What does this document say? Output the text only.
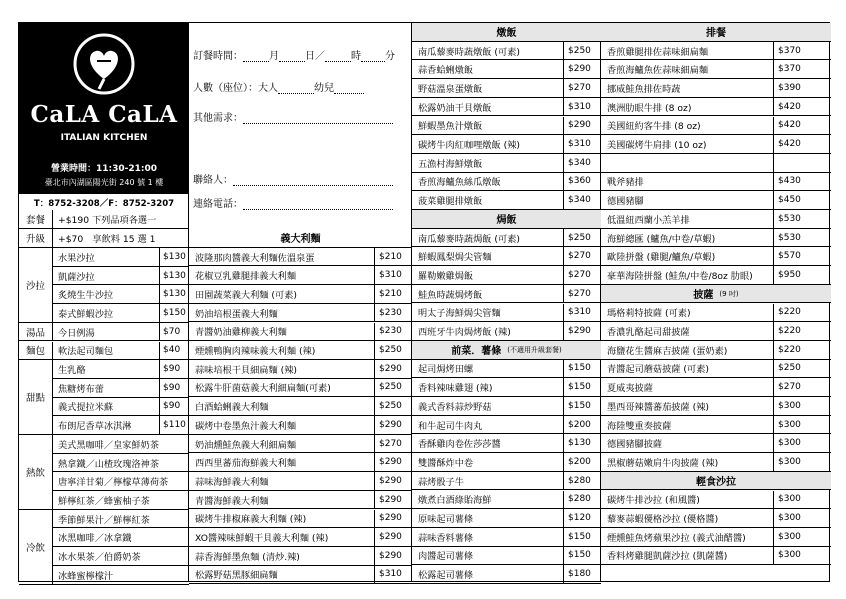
CaLA CaLA
ITALIAN KITCHEN
營業時間：11:30-21:00
臺北市內湖區陽光街 240 號 1 樓
T：8752-3208／F：8752-3207
訂餐時間：	月	日／	時 分
人數（座位）：大人	幼兒
其他需求：
聯絡人：
連絡電話：
套餐	+$190 下列品項各選一
升級	+$70　享飲料 15 選 1
沙拉
水果沙拉	$130
凱薩沙拉	$130
炙燒生牛沙拉	$130
泰式鮮蝦沙拉	$150
湯品	今日例湯	$70
麵包	軟法起司麵包	$40
甜點
生乳酪	$90
焦糖烤布蕾	$90
義式提拉米蘇	$90
布朗尼香草冰淇淋	$110
熱飲
美式黑咖啡／皇家鮮奶茶
熱拿鐵／山楂玫瑰洛神茶
唐寧洋甘菊／檸檬草薄荷茶
鮮檸紅茶／蜂蜜柚子茶
冷飲
季節鮮果汁／鮮檸紅茶
冰黑咖啡／冰拿鐵
冰水果茶／伯爵奶茶
冰蜂蜜檸檬汁
義大利麵
波隆那肉醬義大利麵佐溫泉蛋	$210
花椒豆乳雞腿排義大利麵	$310
田園蔬菜義大利麵 (可素)	$210
奶油培根蛋義大利麵	$230
青醬奶油雞柳義大利麵	$230
煙燻鴨胸肉辣味義大利麵 (辣)	$250
蒜味培根干貝細扁麵 (辣)	$290
松露牛肝菌菇義大利細扁麵(可素)	$250
白酒蛤蜊義大利麵	$250
碳烤中卷墨魚汁義大利麵	$290
奶油燻鮭魚義大利細扁麵	$270
西西里蕃茄海鮮義大利麵	$290
蒜味海鮮義大利麵	$290
青醬海鮮義大利麵	$290
碳烤牛排椒麻義大利麵 (辣)	$290
XO醬辣味鮮蝦干貝義大利麵 (辣)	$290
蒜香海鮮墨魚麵 (清炒.辣)	$290
松露野菇黑豚細扁麵	$310
燉飯
南瓜藜麥時蔬燉飯 (可素)	$250
蒜香蛤蜊燉飯	$290
野菇溫泉蛋燉飯	$270
松露奶油干貝燉飯	$310
鮮蝦墨魚汁燉飯	$290
碳烤牛肉紅咖哩燉飯 (辣)	$310
五漁村海鮮燉飯	$340
香煎海鱸魚絲瓜燉飯	$360
菠菜雞腿排燉飯	$340
焗飯
南瓜藜麥時蔬焗飯 (可素)	$250
鮮蝦鳳梨焗尖管麵	$270
羅勒嫩雞焗飯	$270
鮭魚時蔬焗烤飯	$270
明太子海鮮焗尖管麵	$310
西班牙牛肉焗烤飯 (辣)	$290
前菜．薯條 (不適用升級套餐)
起司焗烤田螺	$150
香料辣味雞翅 (辣)	$150
義式香料蒜炒野菇	$150
和牛起司牛肉丸	$200
香酥雞肉卷佐莎莎醬	$130
雙醬酥炸中卷	$200
蒜烤骰子牛	$280
燉煮白酒綠貽海鮮	$280
原味起司薯條	$120
蒜味香料薯條	$150
肉醬起司薯條	$150
松露起司薯條	$180
排餐
香煎雞腿排佐蒜味細扁麵	$370
香煎海鱸魚佐蒜味細扁麵	$370
挪威鮭魚排佐時蔬	$390
澳洲肋眼牛排 (8 oz)	$420
美國紐約客牛排 (8 oz)	$420
美國碳烤牛肩排 (10 oz)	$420
戰斧豬排	$430
德國豬腳	$450
低溫紐西蘭小羔羊排	$530
海鮮總匯 (鱸魚/中卷/草蝦)	$530
歐陸拼盤 (雞腿/鱸魚/草蝦)	$570
豪華海陸拼盤 (鮭魚/中卷/8oz 肋眼)	$950
披薩 (9 吋)
瑪格莉特披薩 (可素)	$220
香濃乳酪起司甜披薩	$220
海鹽花生醬麻吉披薩 (蛋奶素)	$220
青醬起司蘑菇披薩 (可素)	$250
夏威夷披薩	$270
墨西哥辣醬蕃茄披薩 (辣)	$300
海陸雙重奏披薩	$300
德國豬腳披薩	$300
黑椒蘑菇嫩肩牛肉披薩 (辣)	$300
輕食沙拉
碳烤牛排沙拉 (和風醬)	$300
藜麥蒜蝦優格沙拉 (優格醬)	$300
煙燻鮭魚烤蘋果沙拉 (義式油醋醬)	$300
香料烤雞腿凱薩沙拉 (凱薩醬)	$300
